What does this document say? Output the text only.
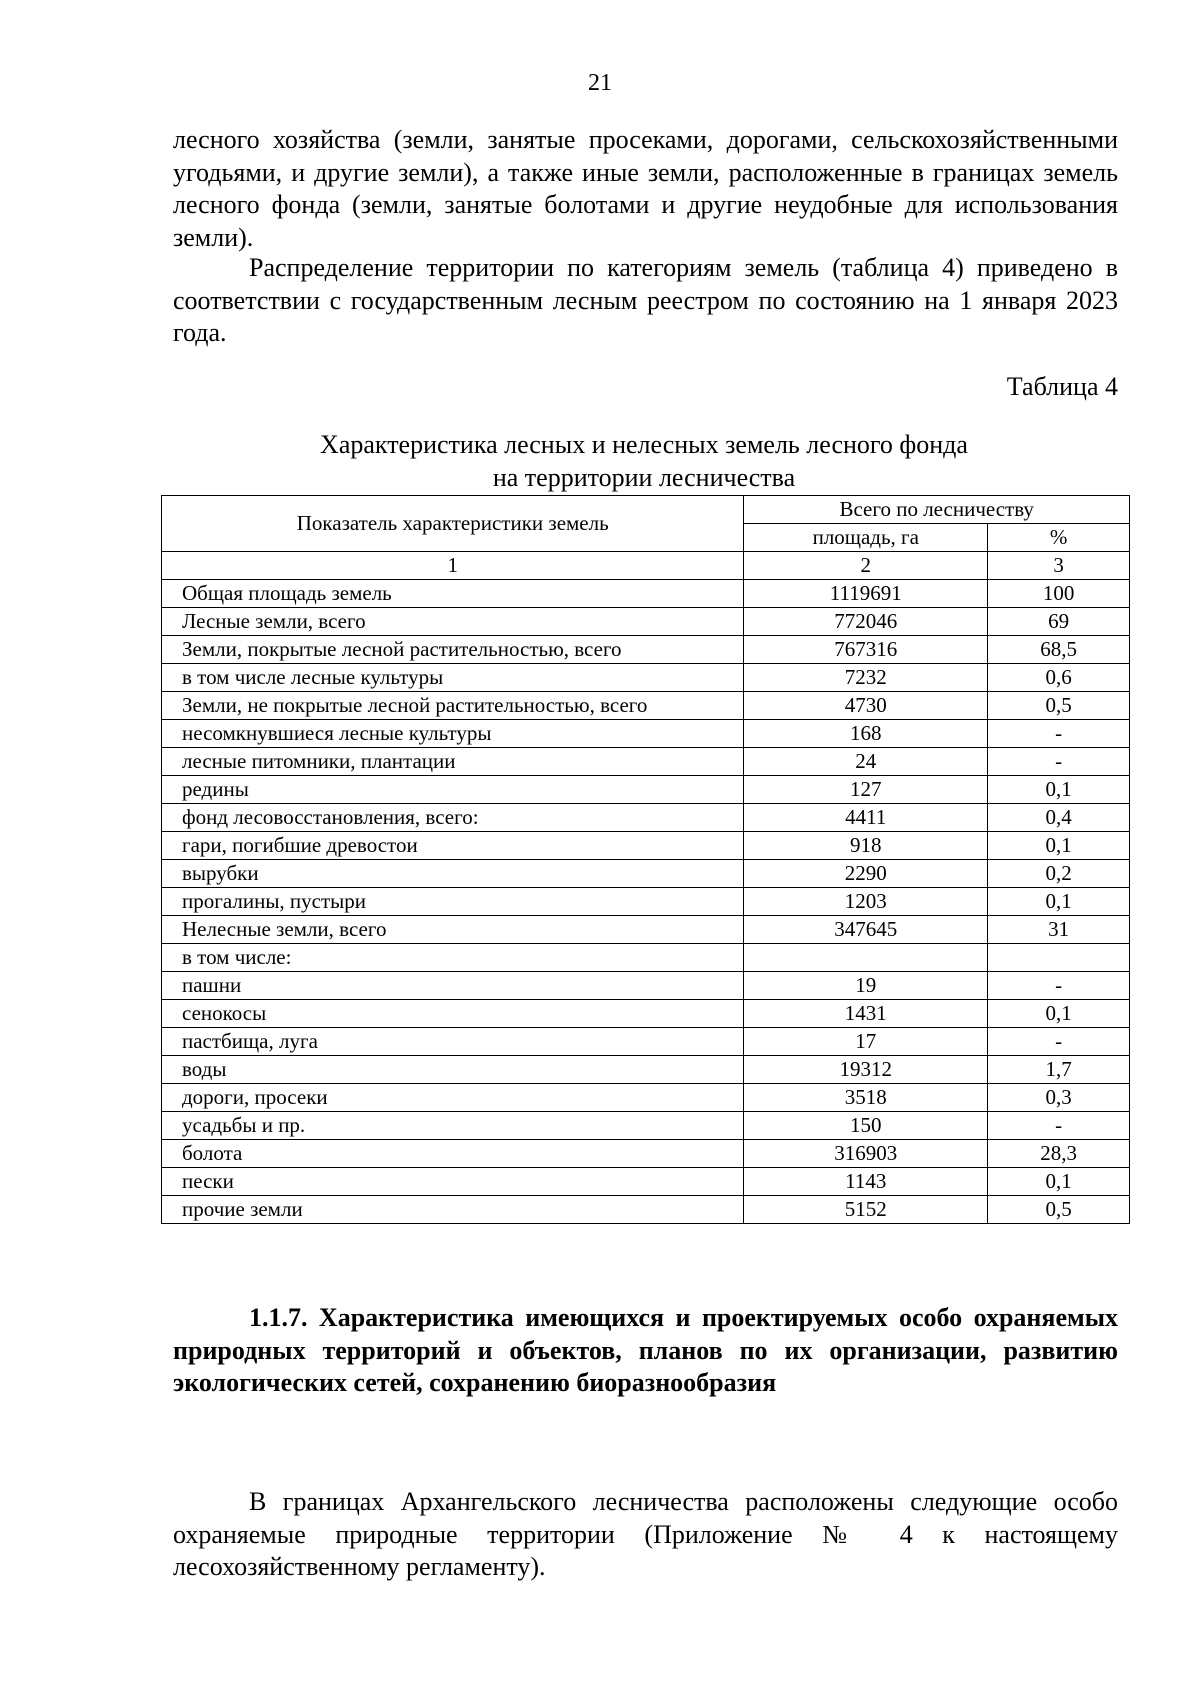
21

лесного хозяйства (земли, занятые просеками, дорогами, сельскохозяйственными угодьями, и другие земли), а также иные земли, расположенные в границах земель лесного фонда (земли, занятые болотами и другие неудобные для использования земли).

Распределение территории по категориям земель (таблица 4) приведено в соответствии с государственным лесным реестром по состоянию на 1 января 2023 года.

Таблица 4
Характеристика лесных и нелесных земель лесного фонда
на территории лесничества
Показатель характеристики земель	Всего по лесничеству	
	площадь, га	%
1	2	3
Общая площадь земель	1119691	100
Лесные земли, всего	772046	69
Земли, покрытые лесной растительностью, всего	767316	68,5
в том числе лесные культуры	7232	0,6
Земли, не покрытые лесной растительностью, всего	4730	0,5
несомкнувшиеся лесные культуры	168	-
лесные питомники, плантации	24	-
редины	127	0,1
фонд лесовосстановления, всего:	4411	0,4
гари, погибшие древостои	918	0,1
вырубки	2290	0,2
прогалины, пустыри	1203	0,1
Нелесные земли, всего	347645	31
в том числе:		
пашни	19	-
сенокосы	1431	0,1
пастбища, луга	17	-
воды	19312	1,7
дороги, просеки	3518	0,3
усадьбы и пр.	150	-
болота	316903	28,3
пески	1143	0,1
прочие земли	5152	0,5

1.1.7. Характеристика имеющихся и проектируемых особо охраняемых природных территорий и объектов, планов по их организации, развитию экологических сетей, сохранению биоразнообразия

В границах Архангельского лесничества расположены следующие особо охраняемые природные территории (Приложение № 4 к настоящему лесохозяйственному регламенту).
